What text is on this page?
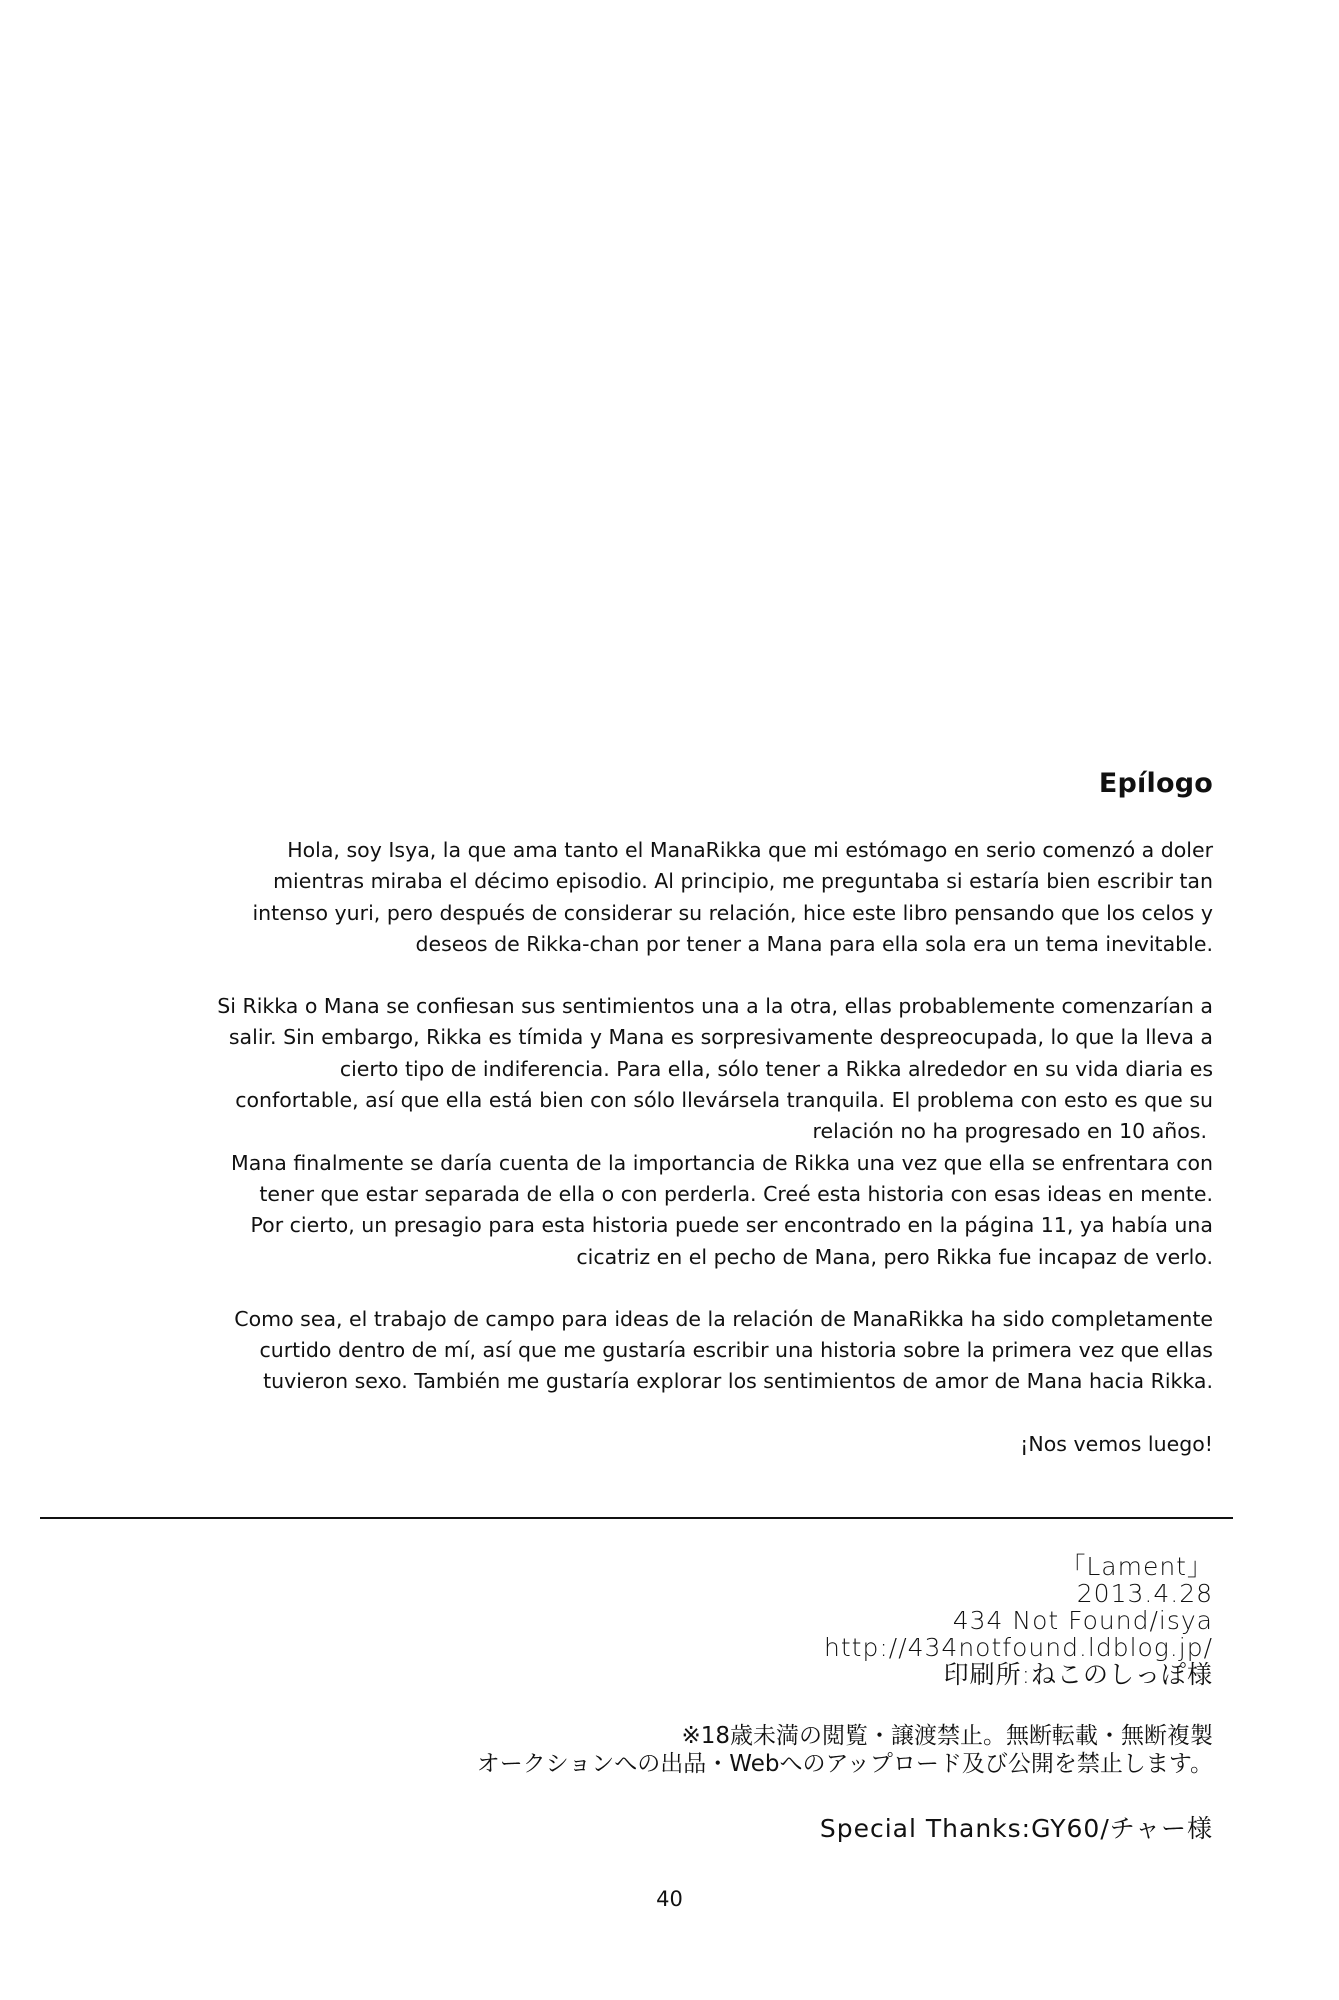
Epílogo
Hola, soy Isya, la que ama tanto el ManaRikka que mi estómago en serio comenzó a doler
mientras miraba el décimo episodio. Al principio, me preguntaba si estaría bien escribir tan
intenso yuri, pero después de considerar su relación, hice este libro pensando que los celos y
deseos de Rikka-chan por tener a Mana para ella sola era un tema inevitable.
Si Rikka o Mana se confiesan sus sentimientos una a la otra, ellas probablemente comenzarían a
salir. Sin embargo, Rikka es tímida y Mana es sorpresivamente despreocupada, lo que la lleva a
cierto tipo de indiferencia. Para ella, sólo tener a Rikka alrededor en su vida diaria es
confortable, así que ella está bien con sólo llevársela tranquila. El problema con esto es que su
relación no ha progresado en 10 años.
Mana finalmente se daría cuenta de la importancia de Rikka una vez que ella se enfrentara con
tener que estar separada de ella o con perderla. Creé esta historia con esas ideas en mente.
Por cierto, un presagio para esta historia puede ser encontrado en la página 11, ya había una
cicatriz en el pecho de Mana, pero Rikka fue incapaz de verlo.
Como sea, el trabajo de campo para ideas de la relación de ManaRikka ha sido completamente
curtido dentro de mí, así que me gustaría escribir una historia sobre la primera vez que ellas
tuvieron sexo. También me gustaría explorar los sentimientos de amor de Mana hacia Rikka.
¡Nos vemos luego!
「Lament」
2013.4.28
434 Not Found/isya
http://434notfound.ldblog.jp/
印刷所:ねこのしっぽ様
※18歳未満の閲覧・譲渡禁止。無断転載・無断複製
オークションへの出品・Webへのアップロード及び公開を禁止します。
Special Thanks:GY60/チャー様
40
